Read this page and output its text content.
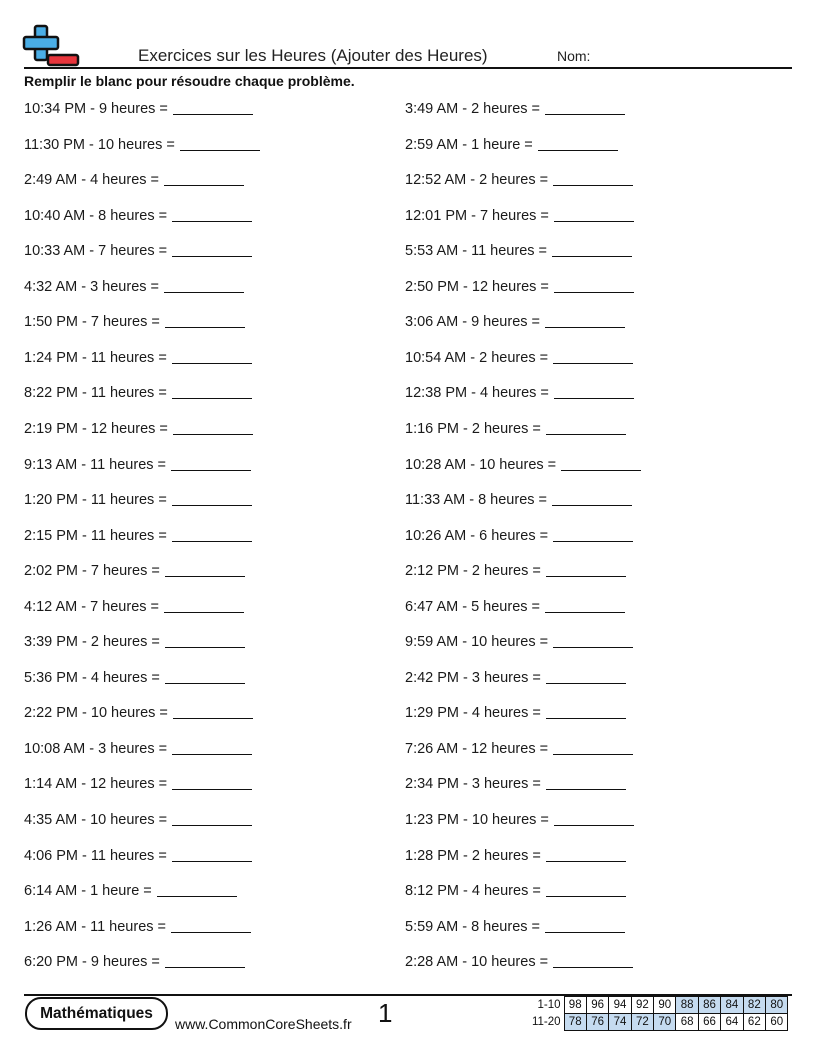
Exercices sur les Heures (Ajouter des Heures)	Nom:
Remplir le blanc pour résoudre chaque problème.
10:34 PM - 9 heures =
11:30 PM - 10 heures =
2:49 AM - 4 heures =
10:40 AM - 8 heures =
10:33 AM - 7 heures =
4:32 AM - 3 heures =
1:50 PM - 7 heures =
1:24 PM - 11 heures =
8:22 PM - 11 heures =
2:19 PM - 12 heures =
9:13 AM - 11 heures =
1:20 PM - 11 heures =
2:15 PM - 11 heures =
2:02 PM - 7 heures =
4:12 AM - 7 heures =
3:39 PM - 2 heures =
5:36 PM - 4 heures =
2:22 PM - 10 heures =
10:08 AM - 3 heures =
1:14 AM - 12 heures =
4:35 AM - 10 heures =
4:06 PM - 11 heures =
6:14 AM - 1 heure =
1:26 AM - 11 heures =
6:20 PM - 9 heures =
3:49 AM - 2 heures =
2:59 AM - 1 heure =
12:52 AM - 2 heures =
12:01 PM - 7 heures =
5:53 AM - 11 heures =
2:50 PM - 12 heures =
3:06 AM - 9 heures =
10:54 AM - 2 heures =
12:38 PM - 4 heures =
1:16 PM - 2 heures =
10:28 AM - 10 heures =
11:33 AM - 8 heures =
10:26 AM - 6 heures =
2:12 PM - 2 heures =
6:47 AM - 5 heures =
9:59 AM - 10 heures =
2:42 PM - 3 heures =
1:29 PM - 4 heures =
7:26 AM - 12 heures =
2:34 PM - 3 heures =
1:23 PM - 10 heures =
1:28 PM - 2 heures =
8:12 PM - 4 heures =
5:59 AM - 8 heures =
2:28 AM - 10 heures =
Mathématiques
www.CommonCoreSheets.fr 1	1-10	98	96	94	92	90	88	86	84	82	80
11-20	78	76	74	72	70	68	66	64	62	60
